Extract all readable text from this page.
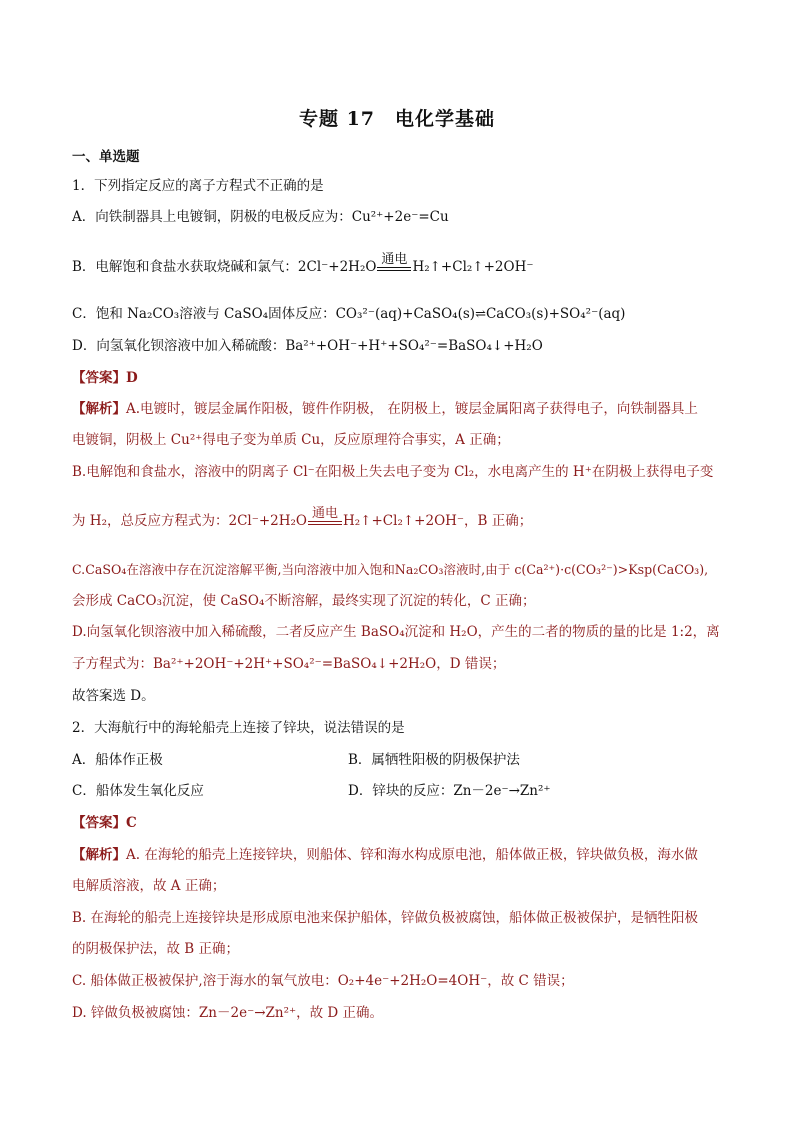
专题 17　电化学基础
一、单选题
1．下列指定反应的离子方程式不正确的是
A．向铁制器具上电镀铜，阴极的电极反应为：Cu²⁺+2e⁻=Cu
B．电解饱和食盐水获取烧碱和氯气：2Cl⁻+2H₂O 通电 H₂↑+Cl₂↑+2OH⁻
C．饱和 Na₂CO₃溶液与 CaSO₄固体反应：CO₃²⁻(aq)+CaSO₄(s)⇌CaCO₃(s)+SO₄²⁻(aq)
D．向氢氧化钡溶液中加入稀硫酸：Ba²⁺+OH⁻+H⁺+SO₄²⁻=BaSO₄↓+H₂O
【答案】D
【解析】A.电镀时，镀层金属作阳极，镀件作阴极， 在阴极上，镀层金属阳离子获得电子，向铁制器具上
电镀铜，阴极上 Cu²⁺得电子变为单质 Cu，反应原理符合事实，A 正确；
B.电解饱和食盐水，溶液中的阴离子 Cl⁻在阳极上失去电子变为 Cl₂，水电离产生的 H⁺在阴极上获得电子变
为 H₂，总反应方程式为：2Cl⁻+2H₂O 通电 H₂↑+Cl₂↑+2OH⁻，B 正确；
C.CaSO₄在溶液中存在沉淀溶解平衡,当向溶液中加入饱和Na₂CO₃溶液时,由于 c(Ca²⁺)·c(CO₃²⁻)>Ksp(CaCO₃),
会形成 CaCO₃沉淀，使 CaSO₄不断溶解，最终实现了沉淀的转化，C 正确；
D.向氢氧化钡溶液中加入稀硫酸，二者反应产生 BaSO₄沉淀和 H₂O，产生的二者的物质的量的比是 1:2，离
子方程式为：Ba²⁺+2OH⁻+2H⁺+SO₄²⁻=BaSO₄↓+2H₂O，D 错误；
故答案选 D。
2．大海航行中的海轮船壳上连接了锌块，说法错误的是
A．船体作正极	B．属牺牲阳极的阴极保护法
C．船体发生氧化反应	D．锌块的反应：Zn－2e⁻→Zn²⁺
【答案】C
【解析】A. 在海轮的船壳上连接锌块，则船体、锌和海水构成原电池，船体做正极，锌块做负极，海水做
电解质溶液，故 A 正确；
B. 在海轮的船壳上连接锌块是形成原电池来保护船体，锌做负极被腐蚀，船体做正极被保护，是牺牲阳极
的阴极保护法，故 B 正确；
C. 船体做正极被保护,溶于海水的氧气放电：O₂+4e⁻+2H₂O=4OH⁻，故 C 错误；
D. 锌做负极被腐蚀：Zn－2e⁻→Zn²⁺，故 D 正确。
